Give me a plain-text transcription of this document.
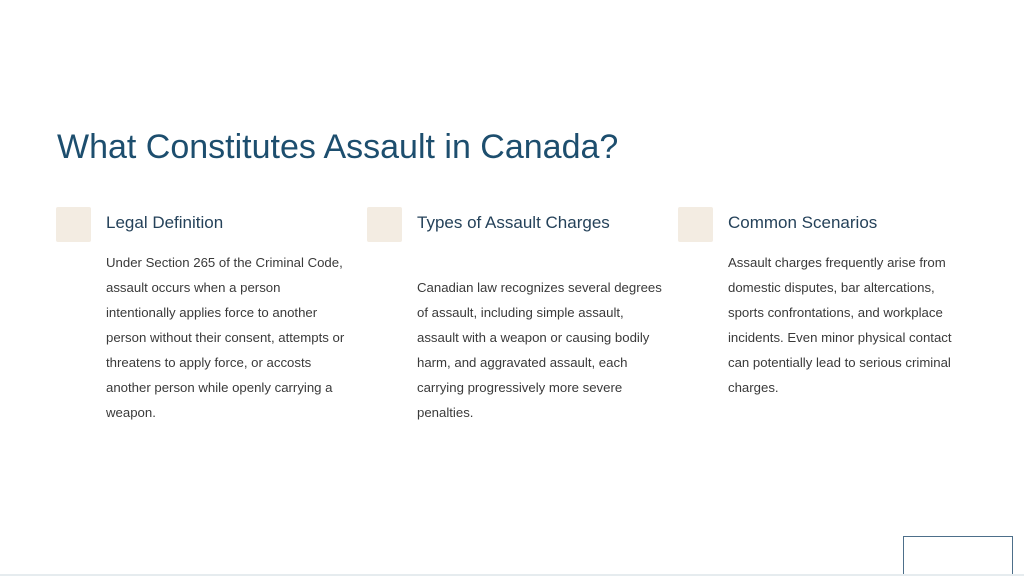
What Constitutes Assault in Canada?
Legal Definition
Under Section 265 of the Criminal Code, assault occurs when a person intentionally applies force to another person without their consent, attempts or threatens to apply force, or accosts another person while openly carrying a weapon.
Types of Assault Charges
Canadian law recognizes several degrees of assault, including simple assault, assault with a weapon or causing bodily harm, and aggravated assault, each carrying progressively more severe penalties.
Common Scenarios
Assault charges frequently arise from domestic disputes, bar altercations, sports confrontations, and workplace incidents. Even minor physical contact can potentially lead to serious criminal charges.
